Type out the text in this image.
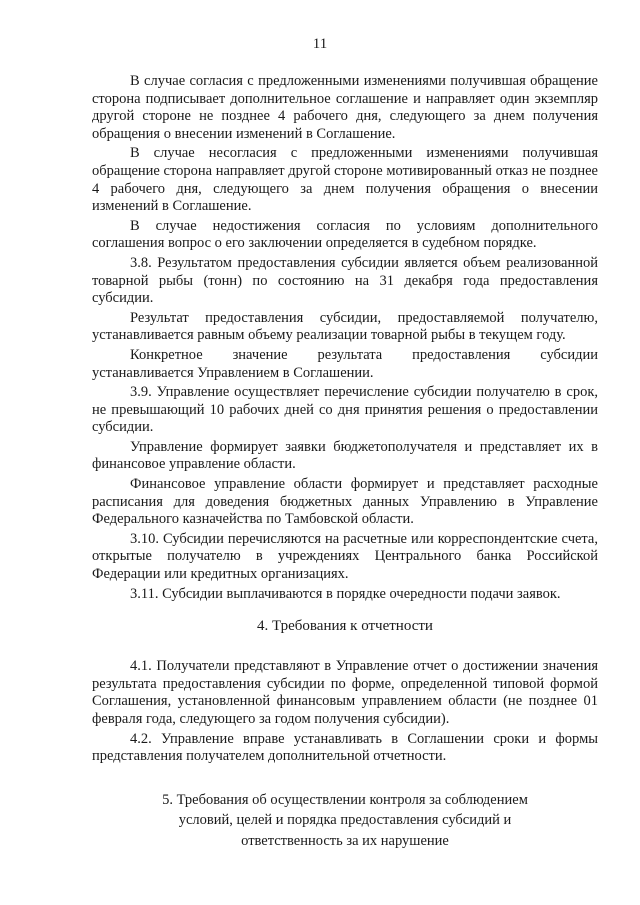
11

В случае согласия с предложенными изменениями получившая обращение сторона подписывает дополнительное соглашение и направляет один экземпляр другой стороне не позднее 4 рабочего дня, следующего за днем получения обращения о внесении изменений в Соглашение.

В случае несогласия с предложенными изменениями получившая обращение сторона направляет другой стороне мотивированный отказ не позднее 4 рабочего дня, следующего за днем получения обращения о внесении изменений в Соглашение.

В случае недостижения согласия по условиям дополнительного соглашения вопрос о его заключении определяется в судебном порядке.

3.8. Результатом предоставления субсидии является объем реализованной товарной рыбы (тонн) по состоянию на 31 декабря года предоставления субсидии.

Результат предоставления субсидии, предоставляемой получателю, устанавливается равным объему реализации товарной рыбы в текущем году.

Конкретное значение результата предоставления субсидии устанавливается Управлением в Соглашении.

3.9. Управление осуществляет перечисление субсидии получателю в срок, не превышающий 10 рабочих дней со дня принятия решения о предоставлении субсидии.

Управление формирует заявки бюджетополучателя и представляет их в финансовое управление области.

Финансовое управление области формирует и представляет расходные расписания для доведения бюджетных данных Управлению в Управление Федерального казначейства по Тамбовской области.

3.10. Субсидии перечисляются на расчетные или корреспондентские счета, открытые получателю в учреждениях Центрального банка Российской Федерации или кредитных организациях.

3.11. Субсидии выплачиваются в порядке очередности подачи заявок.

4. Требования к отчетности

4.1. Получатели представляют в Управление отчет о достижении значения результата предоставления субсидии по форме, определенной типовой формой Соглашения, установленной финансовым управлением области (не позднее 01 февраля года, следующего за годом получения субсидии).

4.2. Управление вправе устанавливать в Соглашении сроки и формы представления получателем дополнительной отчетности.

5. Требования об осуществлении контроля за соблюдением

условий, целей и порядка предоставления субсидий и

ответственность за их нарушение
